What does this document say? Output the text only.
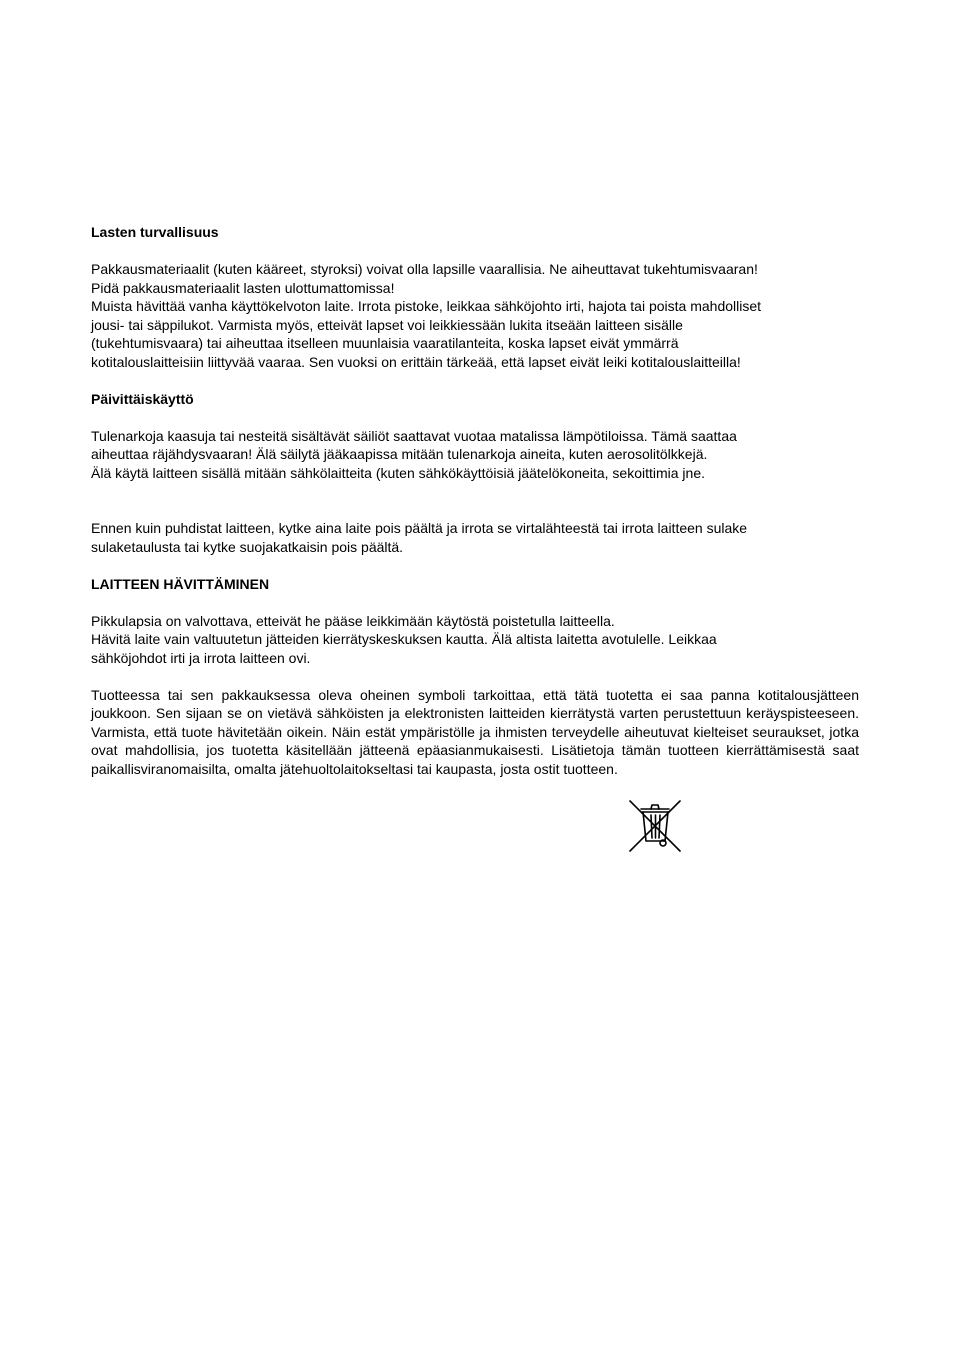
Lasten turvallisuus

Pakkausmateriaalit (kuten kääreet, styroksi) voivat olla lapsille vaarallisia. Ne aiheuttavat tukehtumisvaaran!
Pidä pakkausmateriaalit lasten ulottumattomissa!
Muista hävittää vanha käyttökelvoton laite. Irrota pistoke, leikkaa sähköjohto irti, hajota tai poista mahdolliset
jousi- tai säppilukot. Varmista myös, etteivät lapset voi leikkiessään lukita itseään laitteen sisälle
(tukehtumisvaara) tai aiheuttaa itselleen muunlaisia vaaratilanteita, koska lapset eivät ymmärrä
kotitalouslaitteisiin liittyvää vaaraa. Sen vuoksi on erittäin tärkeää, että lapset eivät leiki kotitalouslaitteilla!

Päivittäiskäyttö

Tulenarkoja kaasuja tai nesteitä sisältävät säiliöt saattavat vuotaa matalissa lämpötiloissa. Tämä saattaa
aiheuttaa räjähdysvaaran! Älä säilytä jääkaapissa mitään tulenarkoja aineita, kuten aerosolitölkkejä.
Älä käytä laitteen sisällä mitään sähkölaitteita (kuten sähkökäyttöisiä jäätelökoneita, sekoittimia jne.

Ennen kuin puhdistat laitteen, kytke aina laite pois päältä ja irrota se virtalähteestä tai irrota laitteen sulake
sulaketaulusta tai kytke suojakatkaisin pois päältä.

LAITTEEN HÄVITTÄMINEN

Pikkulapsia on valvottava, etteivät he pääse leikkimään käytöstä poistetulla laitteella.
Hävitä laite vain valtuutetun jätteiden kierrätyskeskuksen kautta. Älä altista laitetta avotulelle. Leikkaa
sähköjohdot irti ja irrota laitteen ovi.

Tuotteessa tai sen pakkauksessa oleva oheinen symboli tarkoittaa, että tätä tuotetta ei saa panna kotitalousjätteen joukkoon. Sen sijaan se on vietävä sähköisten ja elektronisten laitteiden kierrätystä varten perustettuun keräyspisteeseen. Varmista, että tuote hävitetään oikein. Näin estät ympäristölle ja ihmisten terveydelle aiheutuvat kielteiset seuraukset, jotka ovat mahdollisia, jos tuotetta käsitellään jätteenä epäasianmukaisesti. Lisätietoja tämän tuotteen kierrättämisestä saat paikallisviranomaisilta, omalta jätehuoltolaitokseltasi tai kaupasta, josta ostit tuotteen.
